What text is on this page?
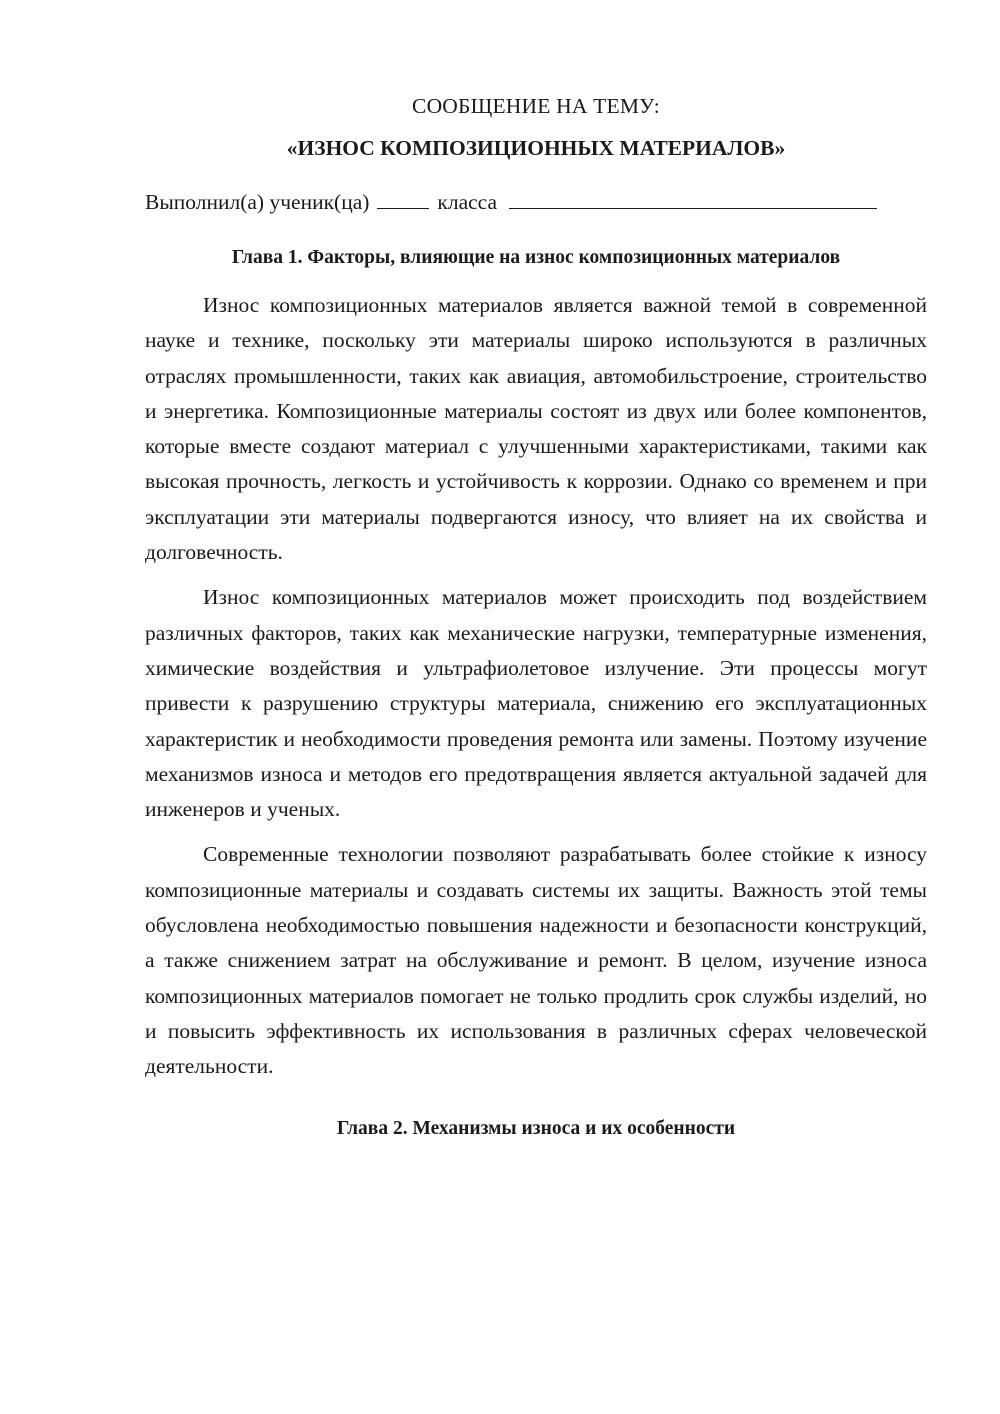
СООБЩЕНИЕ НА ТЕМУ:

«ИЗНОС КОМПОЗИЦИОННЫХ МАТЕРИАЛОВ»

Выполнил(а) ученик(ца)	класса

Глава 1. Факторы, влияющие на износ композиционных материалов

Износ композиционных материалов является важной темой в современной науке и технике, поскольку эти материалы широко используются в различных отраслях промышленности, таких как авиация, автомобильстроение, строительство и энергетика. Композиционные материалы состоят из двух или более компонентов, которые вместе создают материал с улучшенными характеристиками, такими как высокая прочность, легкость и устойчивость к коррозии. Однако со временем и при эксплуатации эти материалы подвергаются износу, что влияет на их свойства и долговечность.

Износ композиционных материалов может происходить под воздействием различных факторов, таких как механические нагрузки, температурные изменения, химические воздействия и ультрафиолетовое излучение. Эти процессы могут привести к разрушению структуры материала, снижению его эксплуатационных характеристик и необходимости проведения ремонта или замены. Поэтому изучение механизмов износа и методов его предотвращения является актуальной задачей для инженеров и ученых.

Современные технологии позволяют разрабатывать более стойкие к износу композиционные материалы и создавать системы их защиты. Важность этой темы обусловлена необходимостью повышения надежности и безопасности конструкций, а также снижением затрат на обслуживание и ремонт. В целом, изучение износа композиционных материалов помогает не только продлить срок службы изделий, но и повысить эффективность их использования в различных сферах человеческой деятельности.

Глава 2. Механизмы износа и их особенности
